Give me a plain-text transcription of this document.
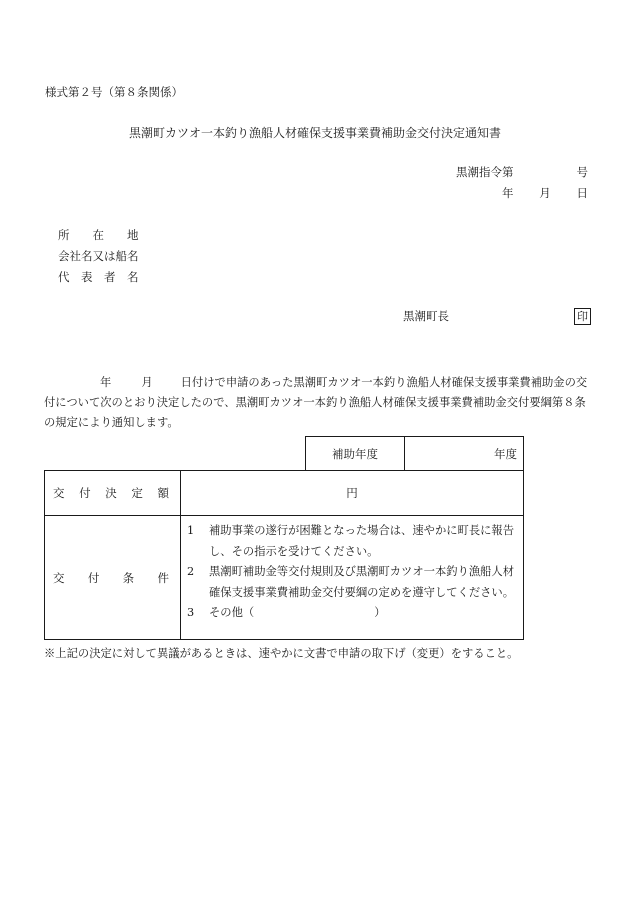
様式第２号（第８条関係）
黒潮町カツオ一本釣り漁船人材確保支援事業費補助金交付決定通知書
黒潮指令第	号
年 月 日
所　　在　　地
会社名又は船名
代　表　者　名
黒潮町長	印
年	月 日付けで申請のあった黒潮町カツオ一本釣り漁船人材確保支援事業費補助金の交付について次のとおり決定したので、黒潮町カツオ一本釣り漁船人材確保支援事業費補助金交付要綱第８条の規定により通知します。
補助年度	年度
交 付 決 定 額	円
交 付 条 件
1	補助事業の遂行が困難となった場合は、速やかに町長に報告し、その指示を受けてください。
2	黒潮町補助金等交付規則及び黒潮町カツオ一本釣り漁船人材確保支援事業費補助金交付要綱の定めを遵守してください。
3	その他（	）
※上記の決定に対して異議があるときは、速やかに文書で申請の取下げ（変更）をすること。
